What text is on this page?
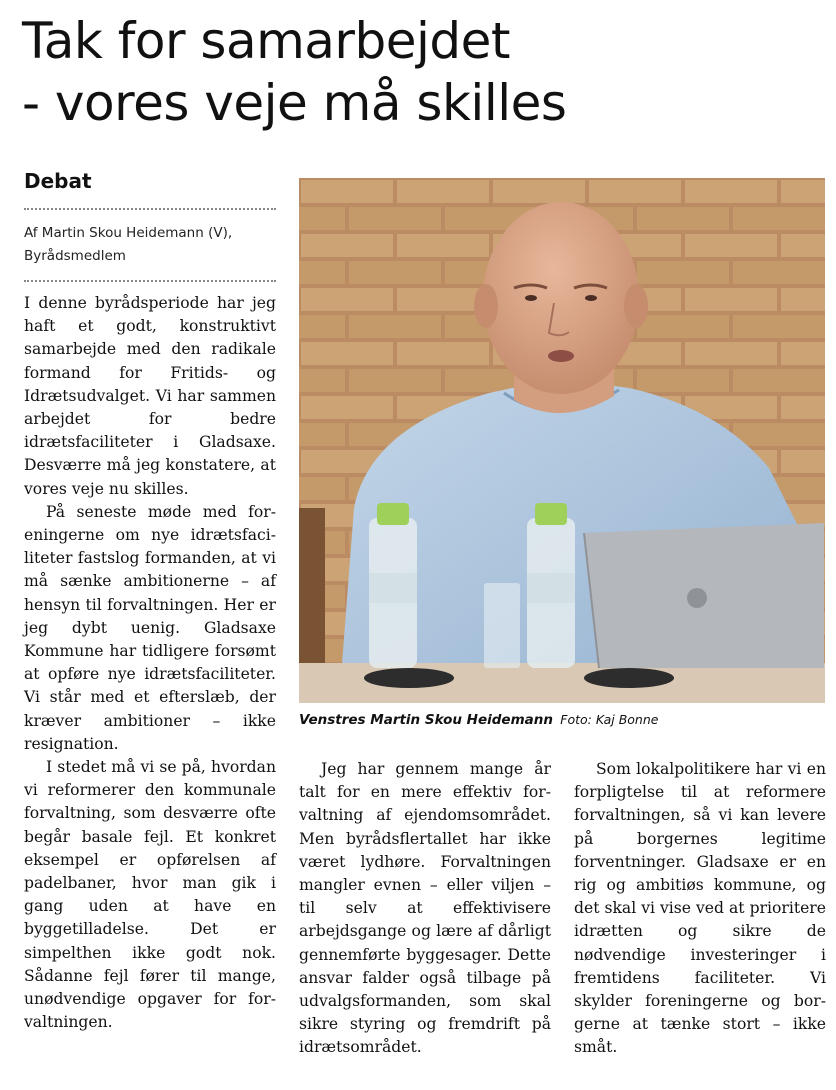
Tak for samarbejdet
- vores veje må skilles
Debat
Af Martin Skou Heidemann (V),
Byrådsmedlem

I denne byrådsperiode har jeg haft et godt, konstruktivt samarbejde med den radikale formand for Fritids- og Idrætsudvalget. Vi har sammen arbejdet for bedre idrætsfaciliteter i Gladsaxe. Desværre må jeg konstatere, at vores veje nu skilles.

På seneste møde med foreningerne om nye idrætsfaciliteter fastslog formanden, at vi må sænke ambitionerne – af hensyn til forvaltningen. Her er jeg dybt uenig. Gladsaxe Kommune har tidligere forsømt at opføre nye idrætsfaciliteter. Vi står med et efterslæb, der kræver ambitioner – ikke resignation.

I stedet må vi se på, hvordan vi reformerer den kommunale forvaltning, som desværre ofte begår basale fejl. Et konkret eksempel er opførelsen af padelbaner, hvor man gik i gang uden at have en byggetilladelse. Det er simpelthen ikke godt nok. Sådanne fejl fører til mange, unødvendige opgaver for forvaltningen.

Venstres Martin Skou Heidemann Foto: Kaj Bonne

Jeg har gennem mange år talt for en mere effektiv forvaltning af ejendomsområdet. Men byrådsflertallet har ikke været lydhøre. Forvaltningen mangler evnen – eller viljen – til selv at effektivisere arbejdsgange og lære af dårligt gennemførte byggesager. Dette ansvar falder også tilbage på udvalgsformanden, som skal sikre styring og fremdrift på idrætsområdet.

Som lokalpolitikere har vi en forpligtelse til at reformere forvaltningen, så vi kan levere på borgernes legitime forventninger. Gladsaxe er en rig og ambitiøs kommune, og det skal vi vise ved at prioritere idrætten og sikre de nødvendige investeringer i fremtidens faciliteter. Vi skylder foreningerne og borgerne at tænke stort – ikke småt.
